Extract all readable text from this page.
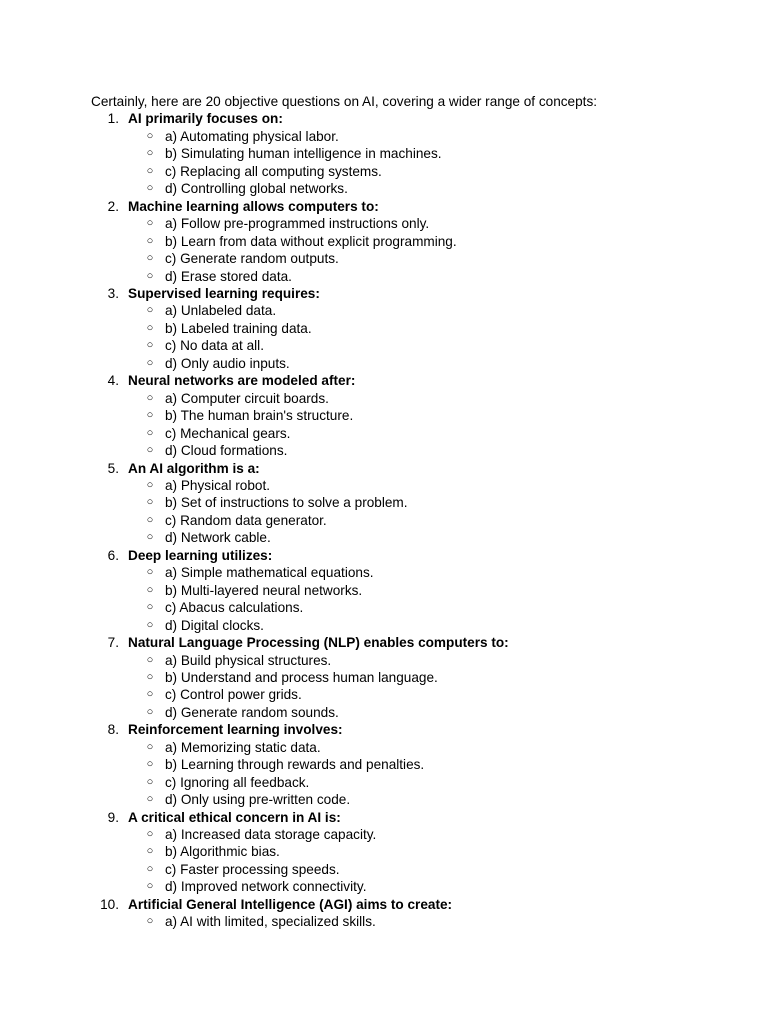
Certainly, here are 20 objective questions on AI, covering a wider range of concepts:

1. AI primarily focuses on:
○ a) Automating physical labor.
○ b) Simulating human intelligence in machines.
○ c) Replacing all computing systems.
○ d) Controlling global networks.
2. Machine learning allows computers to:
○ a) Follow pre-programmed instructions only.
○ b) Learn from data without explicit programming.
○ c) Generate random outputs.
○ d) Erase stored data.
3. Supervised learning requires:
○ a) Unlabeled data.
○ b) Labeled training data.
○ c) No data at all.
○ d) Only audio inputs.
4. Neural networks are modeled after:
○ a) Computer circuit boards.
○ b) The human brain's structure.
○ c) Mechanical gears.
○ d) Cloud formations.
5. An AI algorithm is a:
○ a) Physical robot.
○ b) Set of instructions to solve a problem.
○ c) Random data generator.
○ d) Network cable.
6. Deep learning utilizes:
○ a) Simple mathematical equations.
○ b) Multi-layered neural networks.
○ c) Abacus calculations.
○ d) Digital clocks.
7. Natural Language Processing (NLP) enables computers to:
○ a) Build physical structures.
○ b) Understand and process human language.
○ c) Control power grids.
○ d) Generate random sounds.
8. Reinforcement learning involves:
○ a) Memorizing static data.
○ b) Learning through rewards and penalties.
○ c) Ignoring all feedback.
○ d) Only using pre-written code.
9. A critical ethical concern in AI is:
○ a) Increased data storage capacity.
○ b) Algorithmic bias.
○ c) Faster processing speeds.
○ d) Improved network connectivity.
10. Artificial General Intelligence (AGI) aims to create:
○ a) AI with limited, specialized skills.
